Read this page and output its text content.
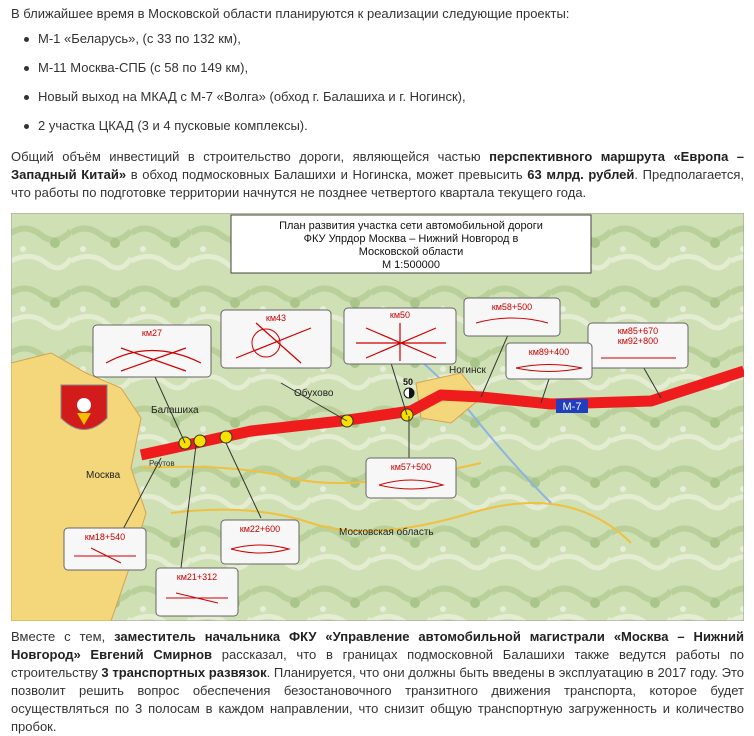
В ближайшее время в Московской области планируются к реализации следующие проекты:

М-1 «Беларусь», (с 33 по 132 км),
М-11 Москва-СПБ (с 58 по 149 км),
Новый выход на МКАД с М-7 «Волга» (обход г. Балашиха и г. Ногинск),
2 участка ЦКАД (3 и 4 пусковые комплексы).

Общий объём инвестиций в строительство дороги, являющейся частью перспективного маршрута «Европа – Западный Китай» в обход подмосковных Балашихи и Ногинска, может превысить 63 млрд. рублей. Предполагается, что работы по подготовке территории начнутся не позднее четвертого квартала текущего года.

План развития участка сети автомобильной дороги
ФКУ Упрдор Москва – Нижний Новгород в
Московской области
М 1:500000
Москва
Балашиха
Обухово
Ногинск
Московская область
Реутов
М-7
50
км27
км43	км50
км58+500
км85+670
км92+800
км89+400
км57+500
км18+540
км21+312
км22+600

Вместе с тем, заместитель начальника ФКУ «Управление автомобильной магистрали «Москва – Нижний Новгород» Евгений Смирнов рассказал, что в границах подмосковной Балашихи также ведутся работы по строительству 3 транспортных развязок. Планируется, что они должны быть введены в эксплуатацию в 2017 году. Это позволит решить вопрос обеспечения безостановочного транзитного движения транспорта, которое будет осуществляться по 3 полосам в каждом направлении, что снизит общую транспортную загруженность и количество пробок.
